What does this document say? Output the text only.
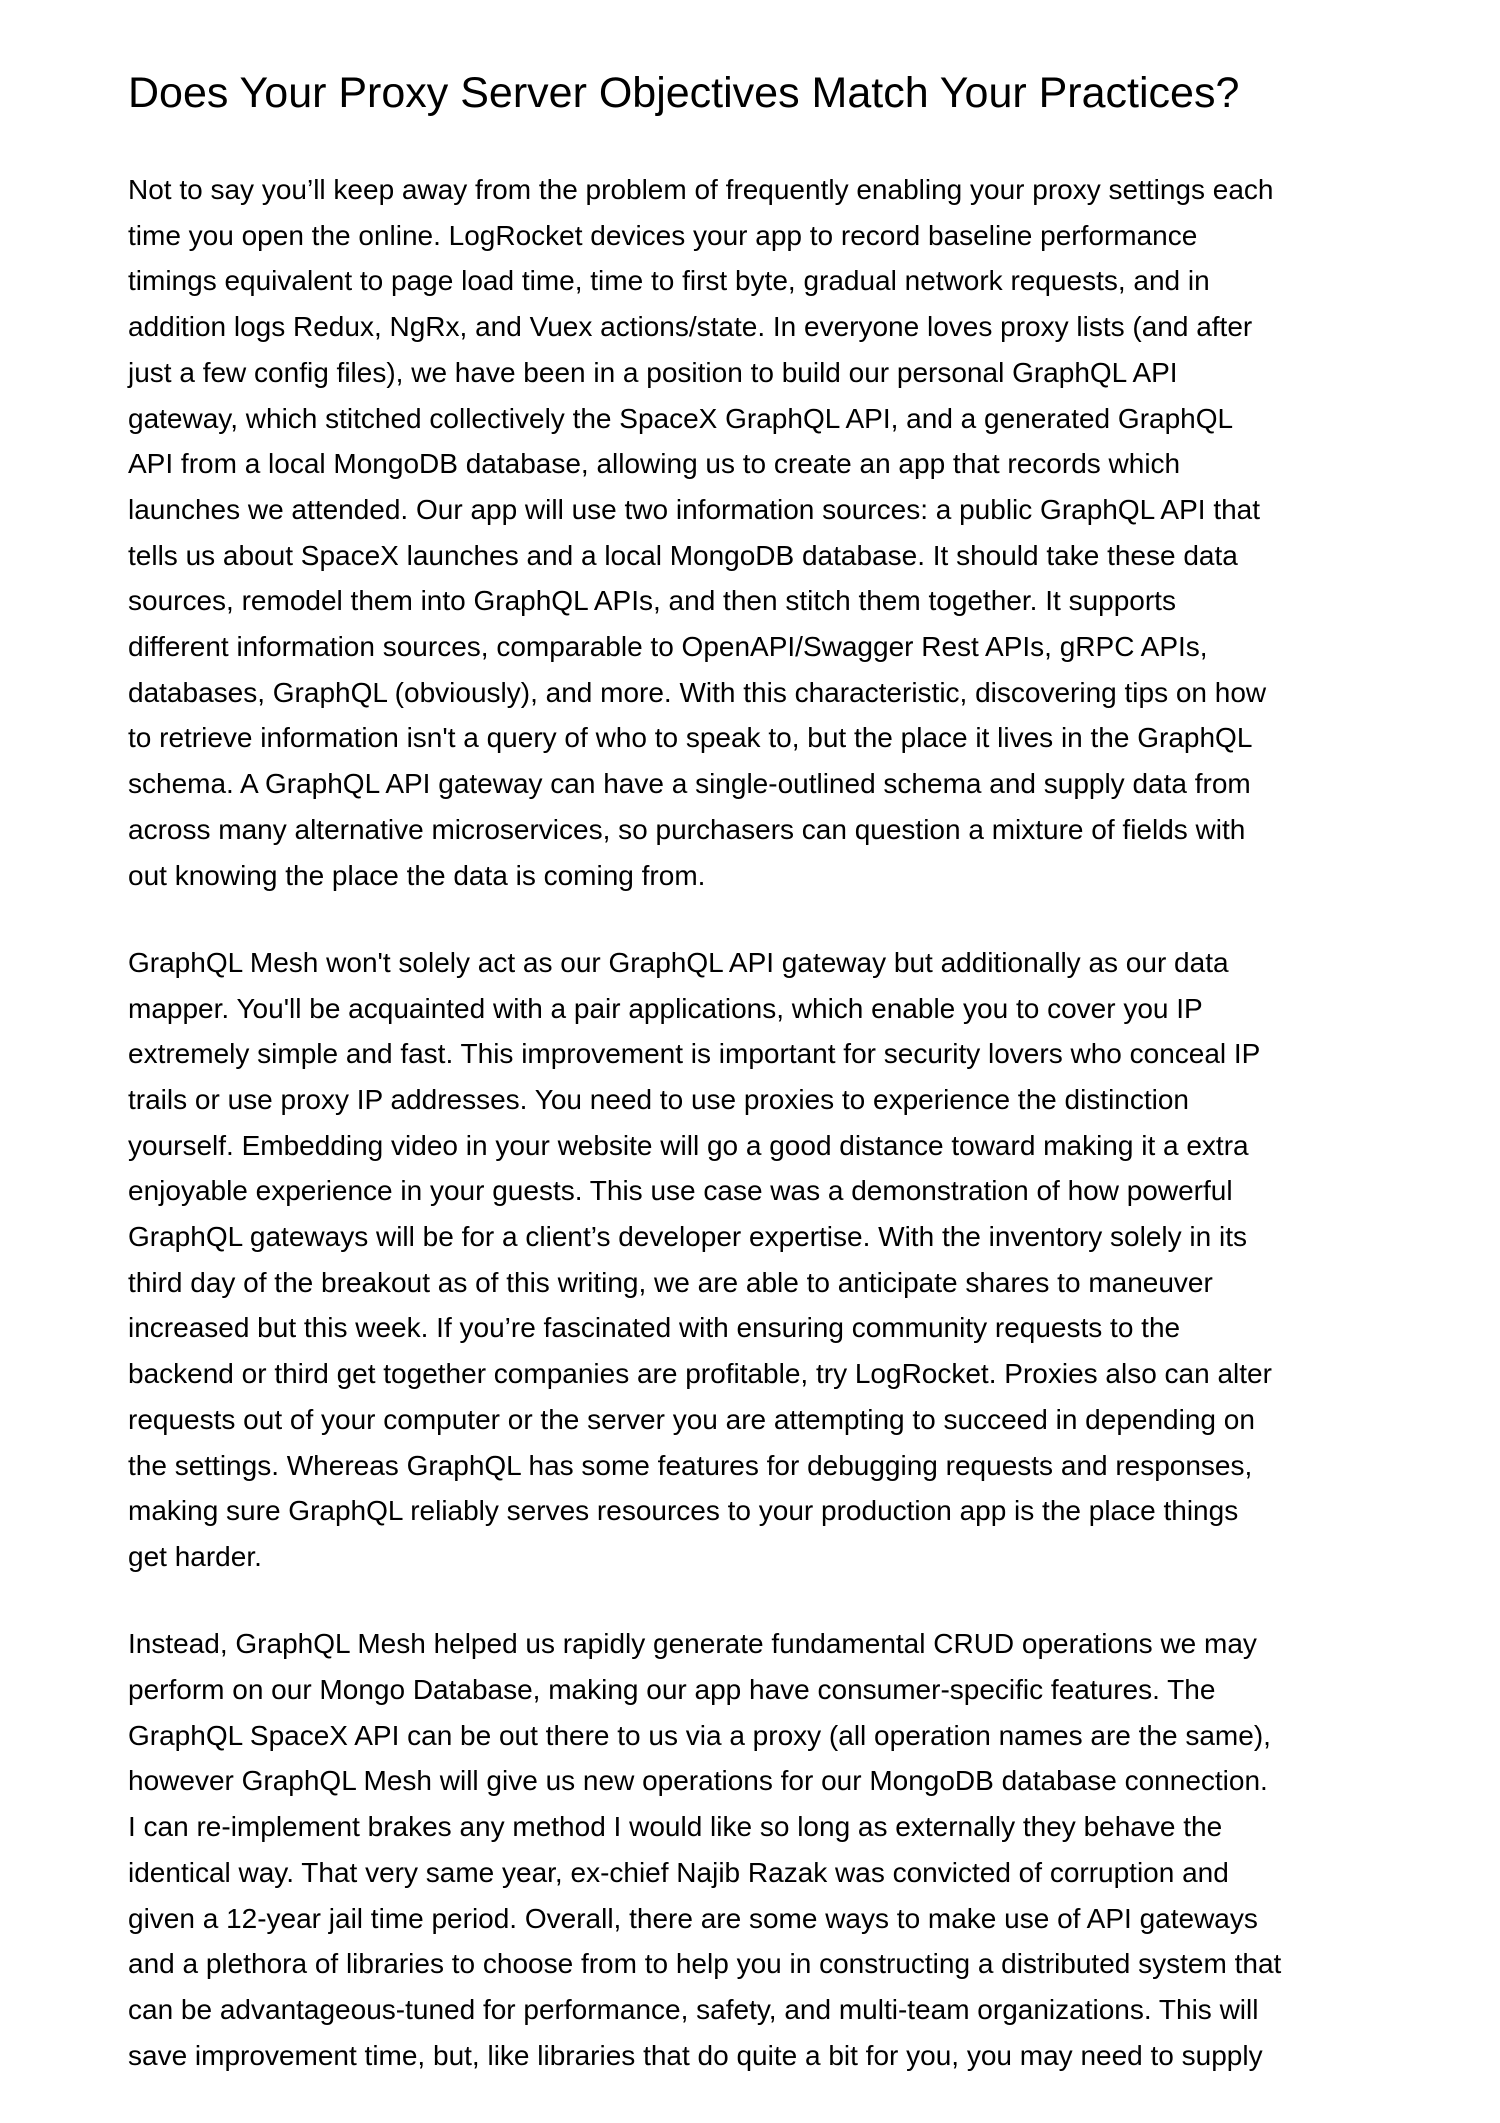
Does Your Proxy Server Objectives Match Your Practices?

Not to say you’ll keep away from the problem of frequently enabling your proxy settings each
time you open the online. LogRocket devices your app to record baseline performance
timings equivalent to page load time, time to first byte, gradual network requests, and in
addition logs Redux, NgRx, and Vuex actions/state. In everyone loves proxy lists (and after
just a few config files), we have been in a position to build our personal GraphQL API
gateway, which stitched collectively the SpaceX GraphQL API, and a generated GraphQL
API from a local MongoDB database, allowing us to create an app that records which
launches we attended. Our app will use two information sources: a public GraphQL API that
tells us about SpaceX launches and a local MongoDB database. It should take these data
sources, remodel them into GraphQL APIs, and then stitch them together. It supports
different information sources, comparable to OpenAPI/Swagger Rest APIs, gRPC APIs,
databases, GraphQL (obviously), and more. With this characteristic, discovering tips on how
to retrieve information isn't a query of who to speak to, but the place it lives in the GraphQL
schema. A GraphQL API gateway can have a single-outlined schema and supply data from
across many alternative microservices, so purchasers can question a mixture of fields with
out knowing the place the data is coming from.

GraphQL Mesh won't solely act as our GraphQL API gateway but additionally as our data
mapper. You'll be acquainted with a pair applications, which enable you to cover you IP
extremely simple and fast. This improvement is important for security lovers who conceal IP
trails or use proxy IP addresses. You need to use proxies to experience the distinction
yourself. Embedding video in your website will go a good distance toward making it a extra
enjoyable experience in your guests. This use case was a demonstration of how powerful
GraphQL gateways will be for a client’s developer expertise. With the inventory solely in its
third day of the breakout as of this writing, we are able to anticipate shares to maneuver
increased but this week. If you’re fascinated with ensuring community requests to the
backend or third get together companies are profitable, try LogRocket. Proxies also can alter
requests out of your computer or the server you are attempting to succeed in depending on
the settings. Whereas GraphQL has some features for debugging requests and responses,
making sure GraphQL reliably serves resources to your production app is the place things
get harder.

Instead, GraphQL Mesh helped us rapidly generate fundamental CRUD operations we may
perform on our Mongo Database, making our app have consumer-specific features. The
GraphQL SpaceX API can be out there to us via a proxy (all operation names are the same),
however GraphQL Mesh will give us new operations for our MongoDB database connection.
I can re-implement brakes any method I would like so long as externally they behave the
identical way. That very same year, ex-chief Najib Razak was convicted of corruption and
given a 12-year jail time period. Overall, there are some ways to make use of API gateways
and a plethora of libraries to choose from to help you in constructing a distributed system that
can be advantageous-tuned for performance, safety, and multi-team organizations. This will
save improvement time, but, like libraries that do quite a bit for you, you may need to supply
